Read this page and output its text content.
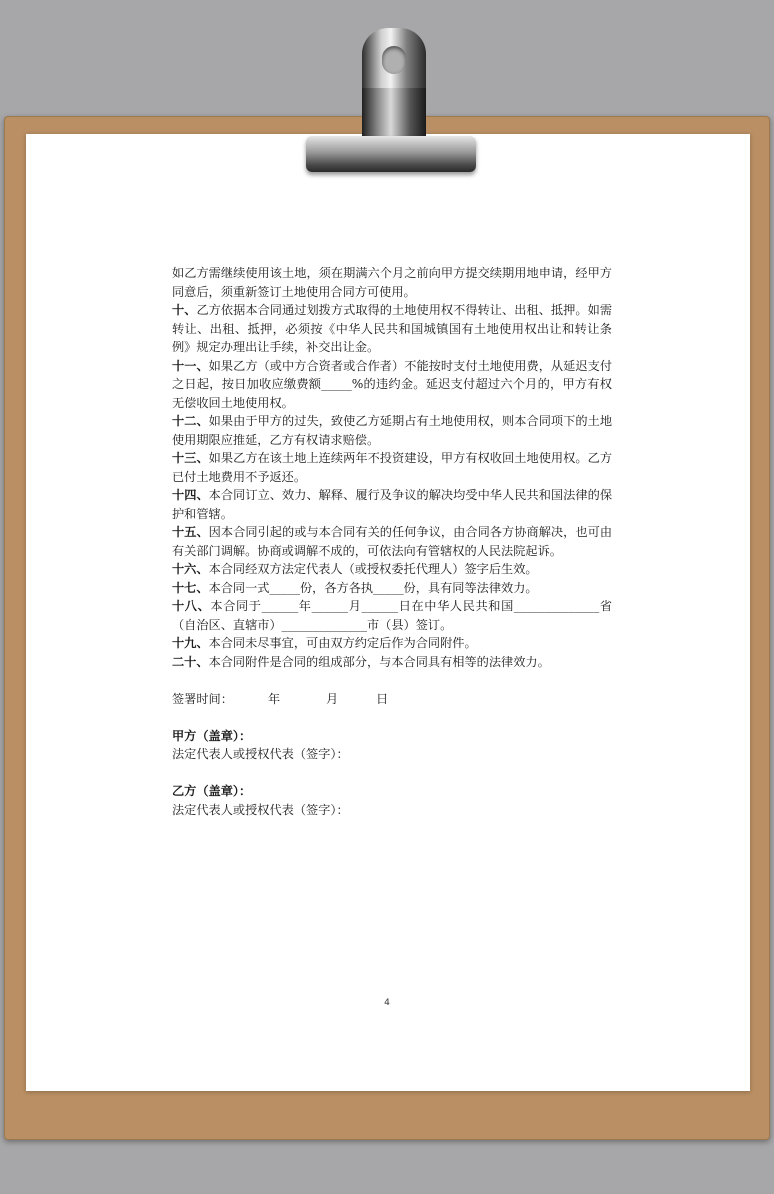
如乙方需继续使用该土地，须在期满六个月之前向甲方提交续期用地申请，经甲方同意后，须重新签订土地使用合同方可使用。

十、乙方依据本合同通过划拨方式取得的土地使用权不得转让、出租、抵押。如需转让、出租、抵押，必须按《中华人民共和国城镇国有土地使用权出让和转让条例》规定办理出让手续，补交出让金。

十一、如果乙方（或中方合资者或合作者）不能按时支付土地使用费，从延迟支付之日起，按日加收应缴费额_____%的违约金。延迟支付超过六个月的，甲方有权无偿收回土地使用权。

十二、如果由于甲方的过失，致使乙方延期占有土地使用权，则本合同项下的土地使用期限应推延，乙方有权请求赔偿。

十三、如果乙方在该土地上连续两年不投资建设，甲方有权收回土地使用权。乙方已付土地费用不予返还。

十四、本合同订立、效力、解释、履行及争议的解决均受中华人民共和国法律的保护和管辖。

十五、因本合同引起的或与本合同有关的任何争议，由合同各方协商解决，也可由有关部门调解。协商或调解不成的，可依法向有管辖权的人民法院起诉。

十六、本合同经双方法定代表人（或授权委托代理人）签字后生效。

十七、本合同一式_____份，各方各执_____份，具有同等法律效力。

十八、本合同于______年______月______日在中华人民共和国______________省（自治区、直辖市）______________市（县）签订。

十九、本合同未尽事宜，可由双方约定后作为合同附件。

二十、本合同附件是合同的组成部分，与本合同具有相等的法律效力。

签署时间：	年	月	日

甲方（盖章）：

法定代表人或授权代表（签字）：

乙方（盖章）：

法定代表人或授权代表（签字）：

4
